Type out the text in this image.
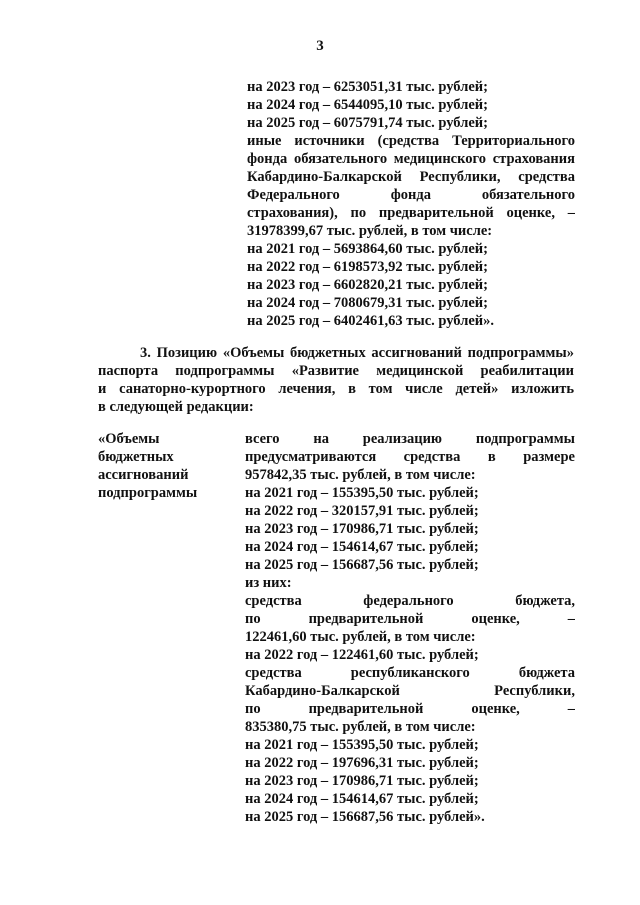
3
на 2023 год – 6253051,31 тыс. рублей;
на 2024 год – 6544095,10 тыс. рублей;
на 2025 год – 6075791,74 тыс. рублей;
иные источники (средства Территориального
фонда обязательного медицинского страхования
Кабардино-Балкарской Республики, средства
Федерального фонда обязательного
страхования), по предварительной оценке, –
31978399,67 тыс. рублей, в том числе:
на 2021 год – 5693864,60 тыс. рублей;
на 2022 год – 6198573,92 тыс. рублей;
на 2023 год – 6602820,21 тыс. рублей;
на 2024 год – 7080679,31 тыс. рублей;
на 2025 год – 6402461,63 тыс. рублей».
3. Позицию «Объемы бюджетных ассигнований подпрограммы»
паспорта подпрограммы «Развитие медицинской реабилитации
и санаторно-курортного лечения, в том числе детей» изложить
в следующей редакции:
«Объемы
бюджетных
ассигнований
подпрограммы
всего на реализацию подпрограммы
предусматриваются средства в размере
957842,35 тыс. рублей, в том числе:
на 2021 год – 155395,50 тыс. рублей;
на 2022 год – 320157,91 тыс. рублей;
на 2023 год – 170986,71 тыс. рублей;
на 2024 год – 154614,67 тыс. рублей;
на 2025 год – 156687,56 тыс. рублей;
из них:
средства федерального бюджета,
по предварительной оценке, –
122461,60 тыс. рублей, в том числе:
на 2022 год – 122461,60 тыс. рублей;
средства республиканского бюджета
Кабардино-Балкарской Республики,
по предварительной оценке, –
835380,75 тыс. рублей, в том числе:
на 2021 год – 155395,50 тыс. рублей;
на 2022 год – 197696,31 тыс. рублей;
на 2023 год – 170986,71 тыс. рублей;
на 2024 год – 154614,67 тыс. рублей;
на 2025 год – 156687,56 тыс. рублей».
